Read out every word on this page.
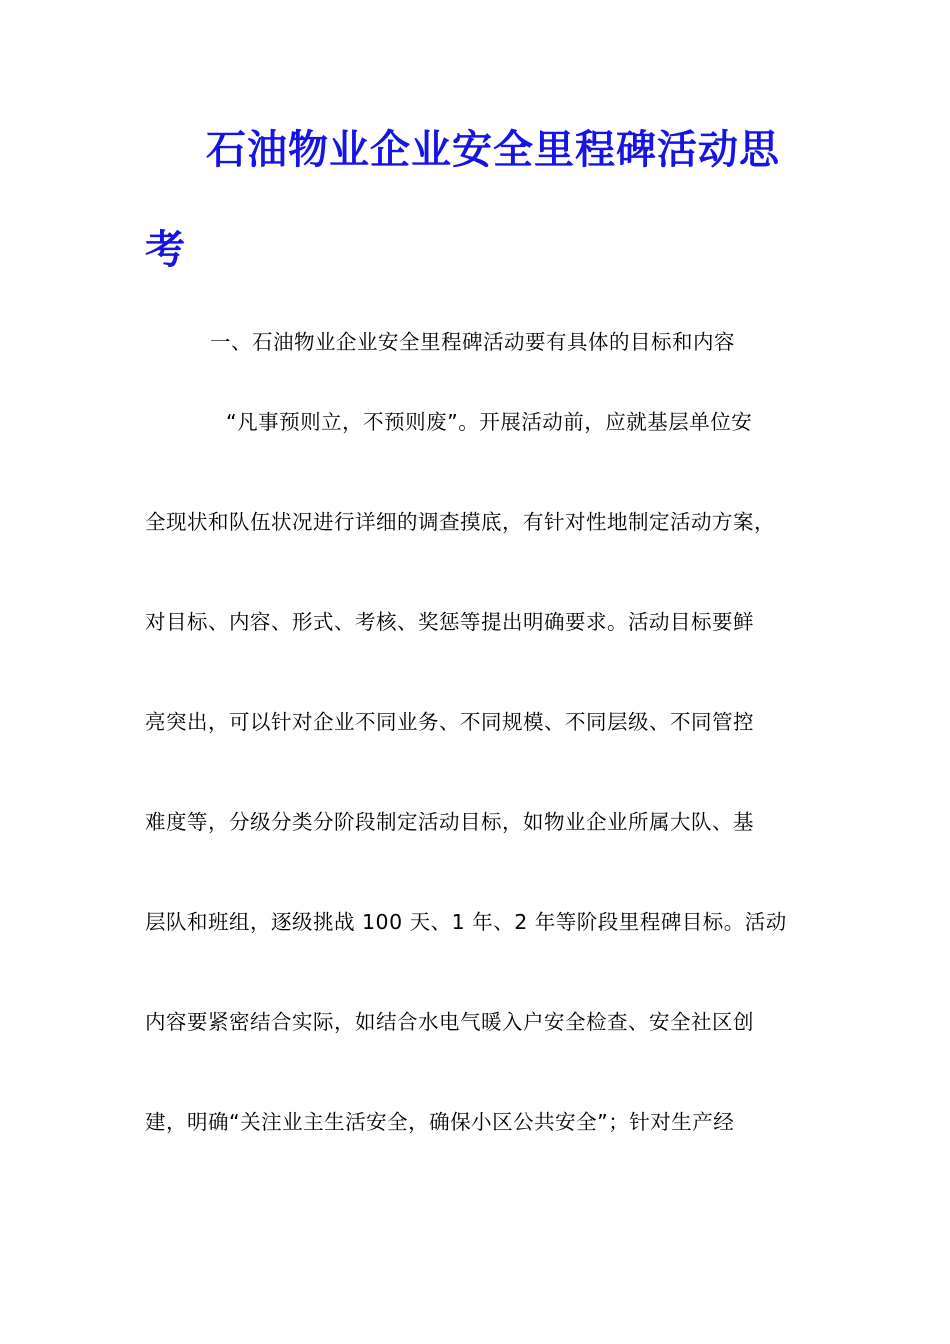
石油物业企业安全里程碑活动思
考
一、石油物业企业安全里程碑活动要有具体的目标和内容
“凡事预则立，不预则废”。开展活动前，应就基层单位安
全现状和队伍状况进行详细的调查摸底，有针对性地制定活动方案，
对目标、内容、形式、考核、奖惩等提出明确要求。活动目标要鲜
亮突出，可以针对企业不同业务、不同规模、不同层级、不同管控
难度等，分级分类分阶段制定活动目标，如物业企业所属大队、基
层队和班组，逐级挑战 100 天、1 年、2 年等阶段里程碑目标。活动
内容要紧密结合实际，如结合水电气暖入户安全检查、安全社区创
建，明确“关注业主生活安全，确保小区公共安全”；针对生产经
